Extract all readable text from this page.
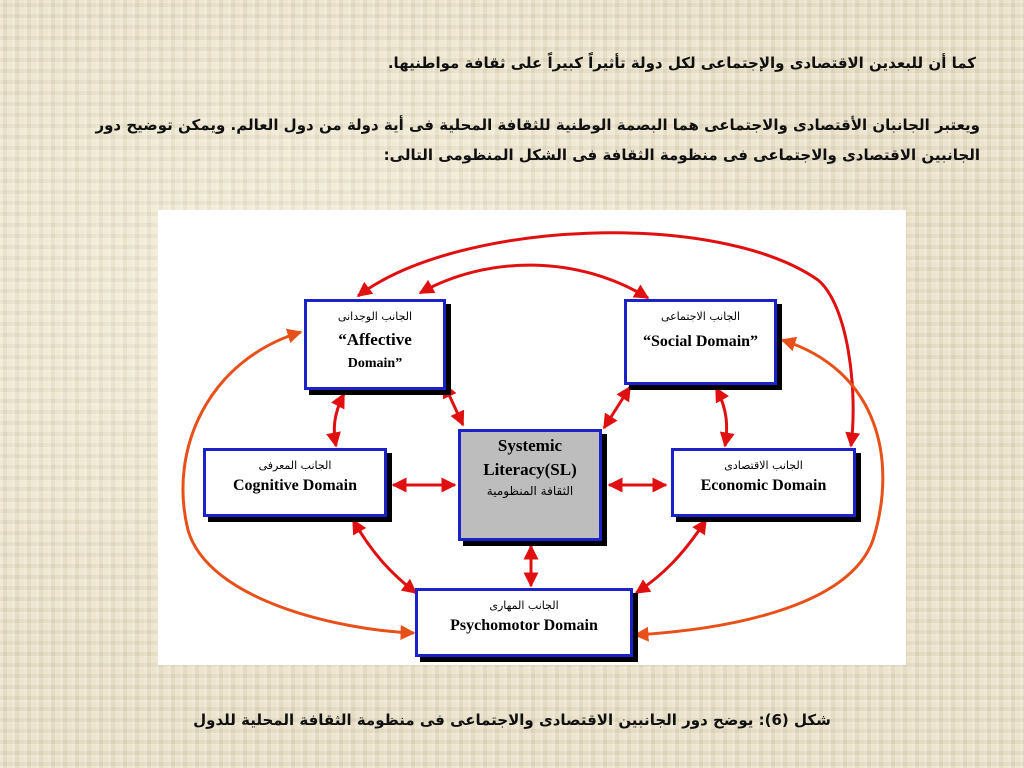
كما أن للبعدين الاقتصادى والإجتماعى لكل دولة تأثيراً كبيراً على ثقافة مواطنيها.
ويعتبر الجانبان الأقتصادى والاجتماعى هما البصمة الوطنية للثقافة المحلية فى أية دولة من دول العالم. ويمكن توضيح دور
الجانبين الاقتصادى والاجتماعى فى منظومة الثقافة فى الشكل المنظومى التالى:
الجانب الوجدانى
“Affective
Domain”
الجانب الاجتماعى
“Social Domain”
الجانب المعرفى
Cognitive Domain
الجانب الاقتصادى
Economic Domain
Systemic
Literacy(SL)
الثقافة المنظومية
الجانب المهارى
Psychomotor Domain
شكل (6): يوضح دور الجانبين الاقتصادى والاجتماعى فى منظومة الثقافة المحلية للدول
